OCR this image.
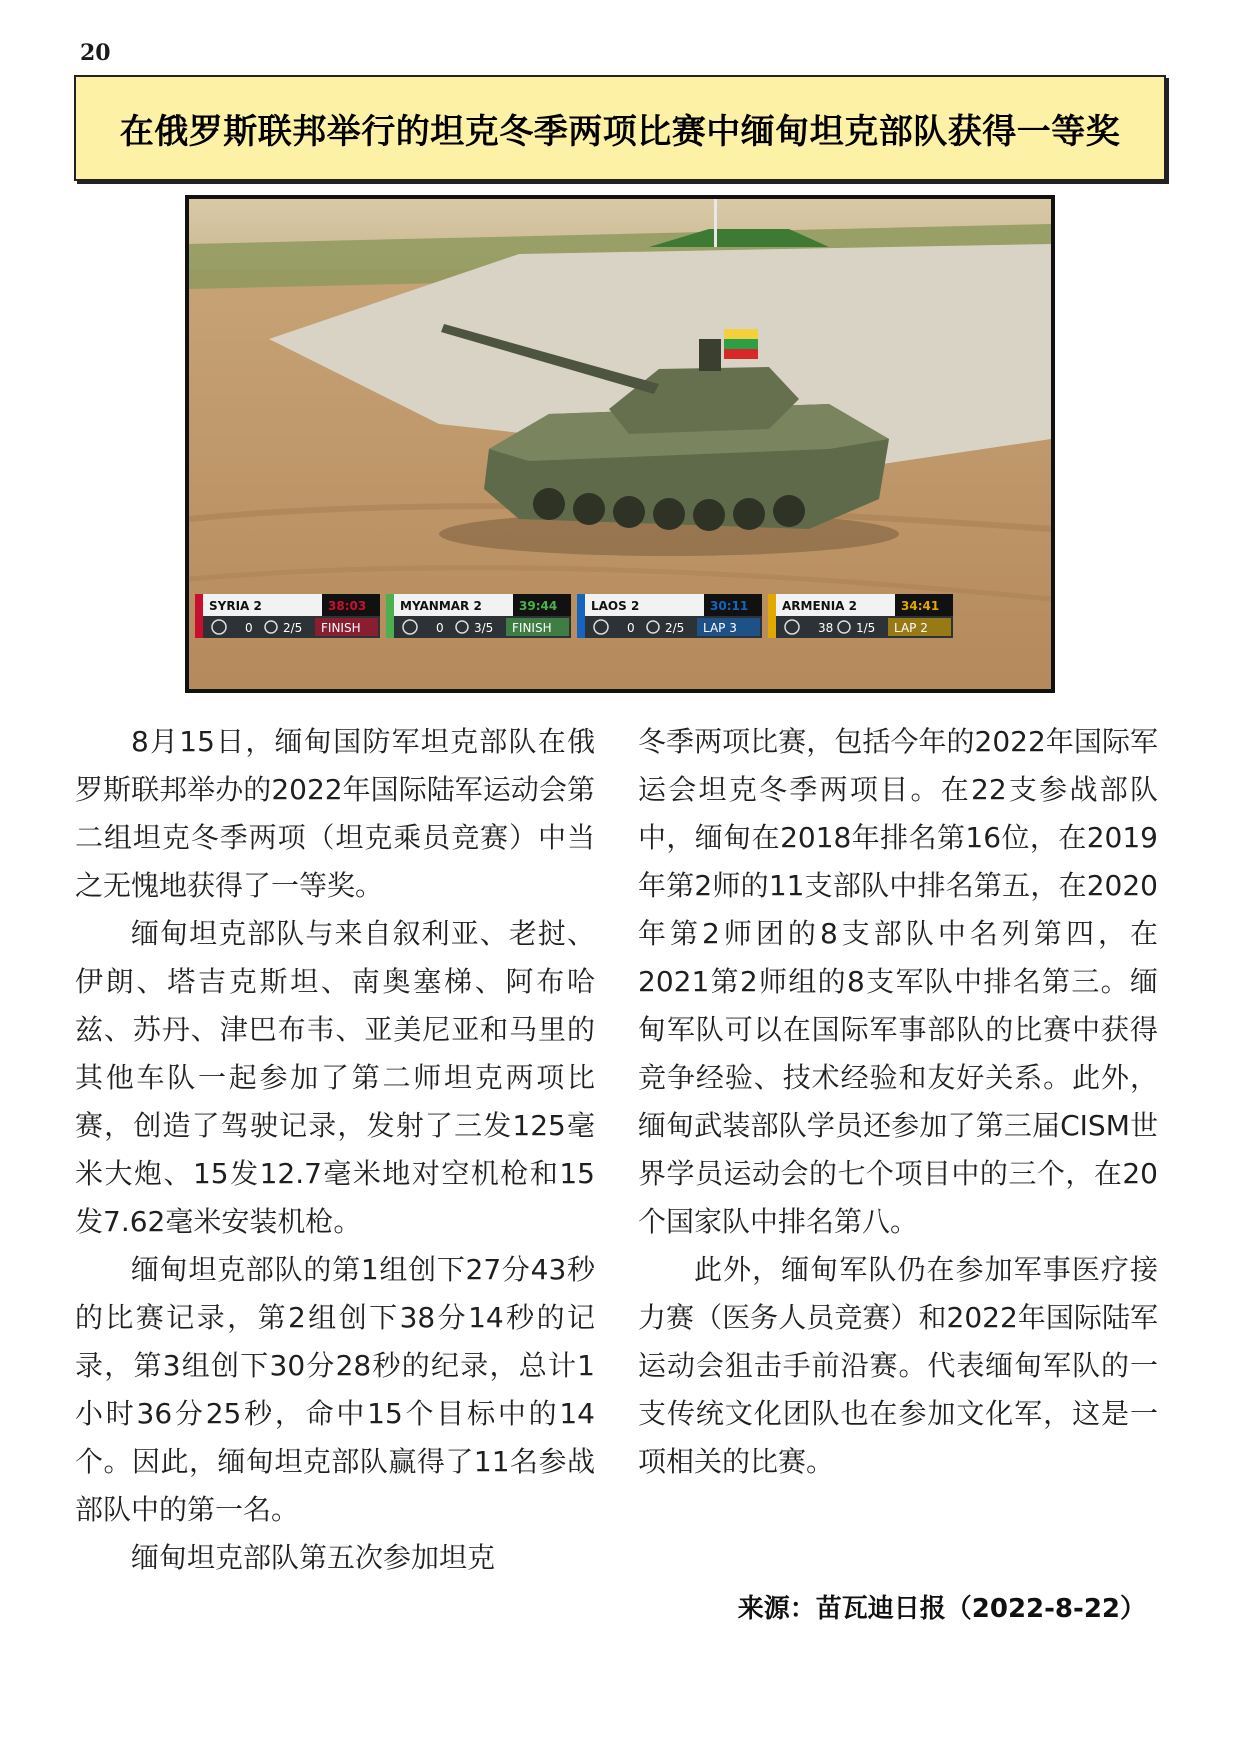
20
在俄罗斯联邦举行的坦克冬季两项比赛中缅甸坦克部队获得一等奖
SYRIA 2	38:03
0	2/5 FINISH
MYANMAR 2	39:44
0	3/5 FINISH
LAOS 2	30:11
0	2/5 LAP 3
ARMENIA 2	34:41
38 1/5 LAP 2

8月15日，缅甸国防军坦克部队在俄罗斯联邦举办的2022年国际陆军运动会第二组坦克冬季两项（坦克乘员竞赛）中当之无愧地获得了一等奖。

缅甸坦克部队与来自叙利亚、老挝、伊朗、塔吉克斯坦、南奥塞梯、阿布哈兹、苏丹、津巴布韦、亚美尼亚和马里的其他车队一起参加了第二师坦克两项比赛，创造了驾驶记录，发射了三发125毫米大炮、15发12.7毫米地对空机枪和15发7.62毫米安装机枪。

缅甸坦克部队的第1组创下27分43秒的比赛记录，第2组创下38分14秒的记录，第3组创下30分28秒的纪录，总计1小时36分25秒，命中15个目标中的14个。因此，缅甸坦克部队赢得了11名参战部队中的第一名。

缅甸坦克部队第五次参加坦克

冬季两项比赛，包括今年的2022年国际军运会坦克冬季两项目。在22支参战部队中，缅甸在2018年排名第16位，在2019年第2师的11支部队中排名第五，在2020年第2师团的8支部队中名列第四，在2021第2师组的8支军队中排名第三。缅甸军队可以在国际军事部队的比赛中获得竞争经验、技术经验和友好关系。此外，缅甸武装部队学员还参加了第三届CISM世界学员运动会的七个项目中的三个，在20个国家队中排名第八。

此外，缅甸军队仍在参加军事医疗接力赛（医务人员竞赛）和2022年国际陆军运动会狙击手前沿赛。代表缅甸军队的一支传统文化团队也在参加文化军，这是一项相关的比赛。

来源：苗瓦迪日报（2022-8-22）
